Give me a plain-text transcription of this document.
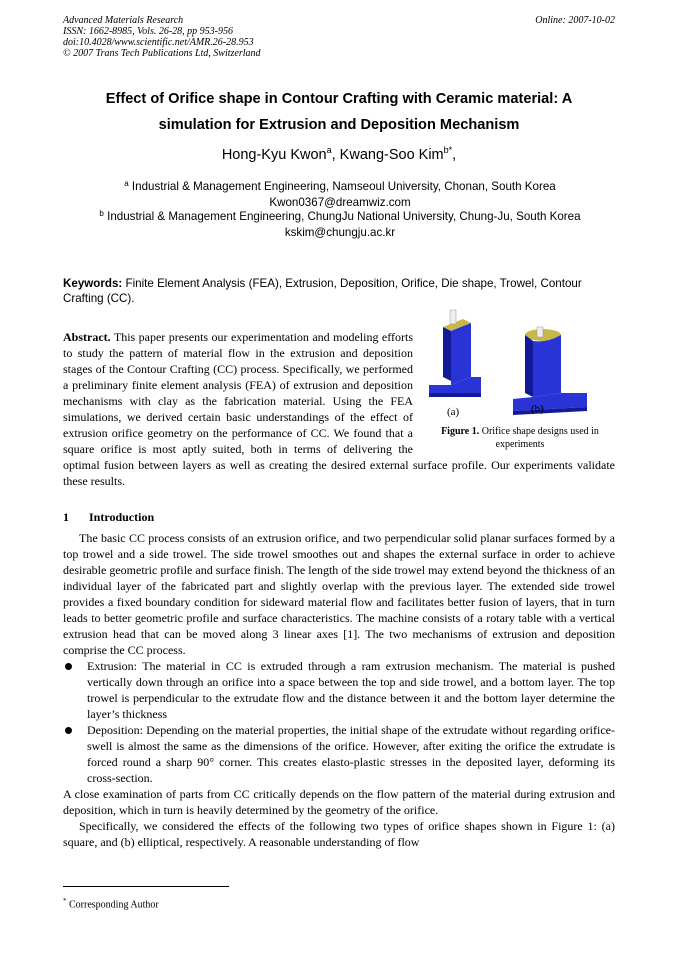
Advanced Materials Research	Online: 2007-10-02
ISSN: 1662-8985, Vols. 26-28, pp 953-956
doi:10.4028/www.scientific.net/AMR.26-28.953
© 2007 Trans Tech Publications Ltd, Switzerland
Effect of Orifice shape in Contour Crafting with Ceramic material: A
simulation for Extrusion and Deposition Mechanism
Hong-Kyu Kwon$^a$, Kwang-Soo Kim$^{b*}$,
$^a$ Industrial & Management Engineering, Namseoul University, Chonan, South Korea
Kwon0367@dreamwiz.com
$^b$ Industrial & Management Engineering, ChungJu National University, Chung-Ju, South Korea
kskim@chungju.ac.kr
Keywords: Finite Element Analysis (FEA), Extrusion, Deposition, Orifice, Die shape, Trowel, Contour Crafting (CC).
(a)	(b)
Figure 1. Orifice shape designs used in experiments
Abstract. This paper presents our experimentation and modeling efforts to study the pattern of material flow in the extrusion and deposition stages of the Contour Crafting (CC) process. Specifically, we performed a preliminary finite element analysis (FEA) of extrusion and deposition mechanisms with clay as the fabrication material. Using the FEA simulations, we derived certain basic understandings of the effect of extrusion orifice geometry on the performance of CC. We found that a square orifice is most aptly suited, both in terms of delivering the optimal fusion between layers as well as creating the desired external surface profile. Our experiments validate these results.
1 Introduction

The basic CC process consists of an extrusion orifice, and two perpendicular solid planar surfaces formed by a top trowel and a side trowel. The side trowel smoothes out and shapes the external surface in order to achieve desirable geometric profile and surface finish. The length of the side trowel may extend beyond the thickness of an individual layer of the fabricated part and slightly overlap with the previous layer. The extended side trowel provides a fixed boundary condition for sideward material flow and facilitates better fusion of layers, that in turn leads to better geometric profile and surface characteristics. The machine consists of a rotary table with a vertical extrusion head that can be moved along 3 linear axes [1]. The two mechanisms of extrusion and deposition comprise the CC process.

Extrusion: The material in CC is extruded through a ram extrusion mechanism. The material is pushed vertically down through an orifice into a space between the top and side trowel, and a bottom layer. The top trowel is perpendicular to the extrudate flow and the distance between it and the bottom layer determine the layer’s thickness
Deposition: Depending on the material properties, the initial shape of the extrudate without regarding orifice-swell is almost the same as the dimensions of the orifice. However, after exiting the orifice the extrudate is forced round a sharp 90° corner. This creates elasto-plastic stresses in the deposited layer, deforming its cross-section.

A close examination of parts from CC critically depends on the flow pattern of the material during extrusion and deposition, which in turn is heavily determined by the geometry of the orifice.

Specifically, we considered the effects of the following two types of orifice shapes shown in Figure 1: (a) square, and (b) elliptical, respectively. A reasonable understanding of flow

* Corresponding Author
